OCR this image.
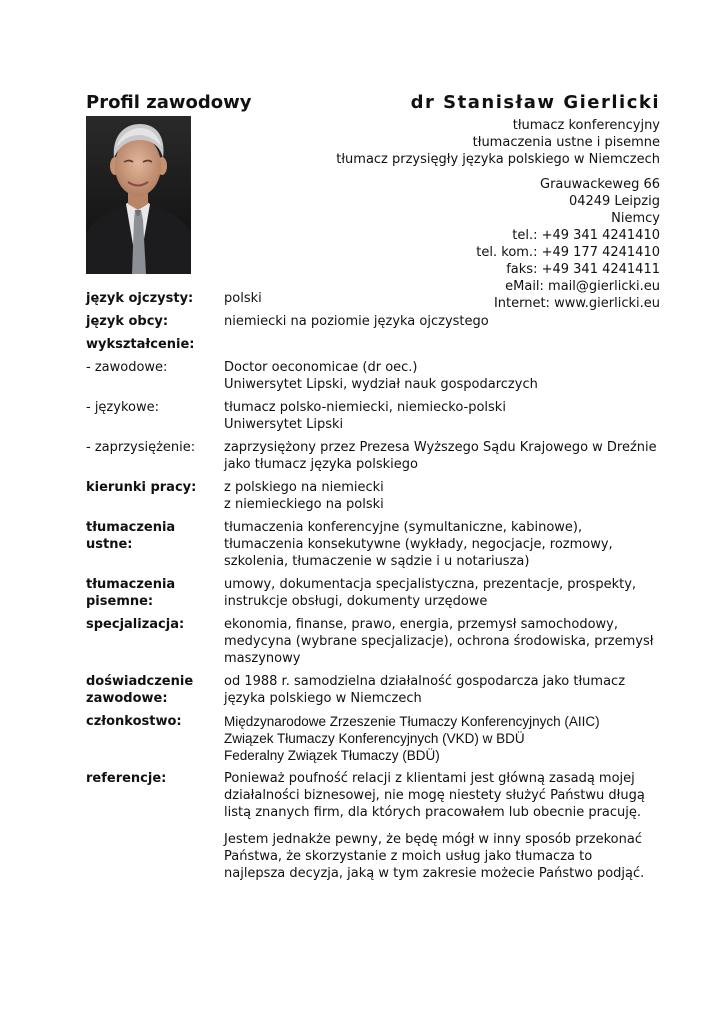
Profil zawodowy	dr Stanisław Gierlicki
tłumacz konferencyjny
tłumaczenia ustne i pisemne
tłumacz przysięgły języka polskiego w Niemczech
Grauwackeweg 66
04249 Leipzig
Niemcy
tel.: +49 341 4241410
tel. kom.: +49 177 4241410
faks: +49 341 4241411
eMail: mail@gierlicki.eu
Internet: www.gierlicki.eu
język ojczysty:	polski
język obcy:	niemiecki na poziomie języka ojczystego
wykształcenie:
- zawodowe:	Doctor oeconomicae (dr oec.)
Uniwersytet Lipski, wydział nauk gospodarczych
- językowe:	tłumacz polsko-niemiecki, niemiecko-polski
Uniwersytet Lipski
- zaprzysiężenie:	zaprzysiężony przez Prezesa Wyższego Sądu Krajowego w Dreźnie
jako tłumacz języka polskiego
kierunki pracy:	z polskiego na niemiecki
z niemieckiego na polski
tłumaczenia ustne:
tłumaczenia konferencyjne (symultaniczne, kabinowe),
tłumaczenia konsekutywne (wykłady, negocjacje, rozmowy,
szkolenia, tłumaczenie w sądzie i u notariusza)
tłumaczenia pisemne:
umowy, dokumentacja specjalistyczna, prezentacje, prospekty,
instrukcje obsługi, dokumenty urzędowe
specjalizacja:	ekonomia, finanse, prawo, energia, przemysł samochodowy,
medycyna (wybrane specjalizacje), ochrona środowiska, przemysł
maszynowy
doświadczenie zawodowe:
od 1988 r. samodzielna działalność gospodarcza jako tłumacz
języka polskiego w Niemczech
członkostwo:	Międzynarodowe Zrzeszenie Tłumaczy Konferencyjnych (AIIC)
Związek Tłumaczy Konferencyjnych (VKD) w BDÜ
Federalny Związek Tłumaczy (BDÜ)
referencje:	Ponieważ poufność relacji z klientami jest główną zasadą mojej
działalności biznesowej, nie mogę niestety służyć Państwu długą
listą znanych firm, dla których pracowałem lub obecnie pracuję.
Jestem jednakże pewny, że będę mógł w inny sposób przekonać
Państwa, że skorzystanie z moich usług jako tłumacza to
najlepsza decyzja, jaką w tym zakresie możecie Państwo podjąć.
